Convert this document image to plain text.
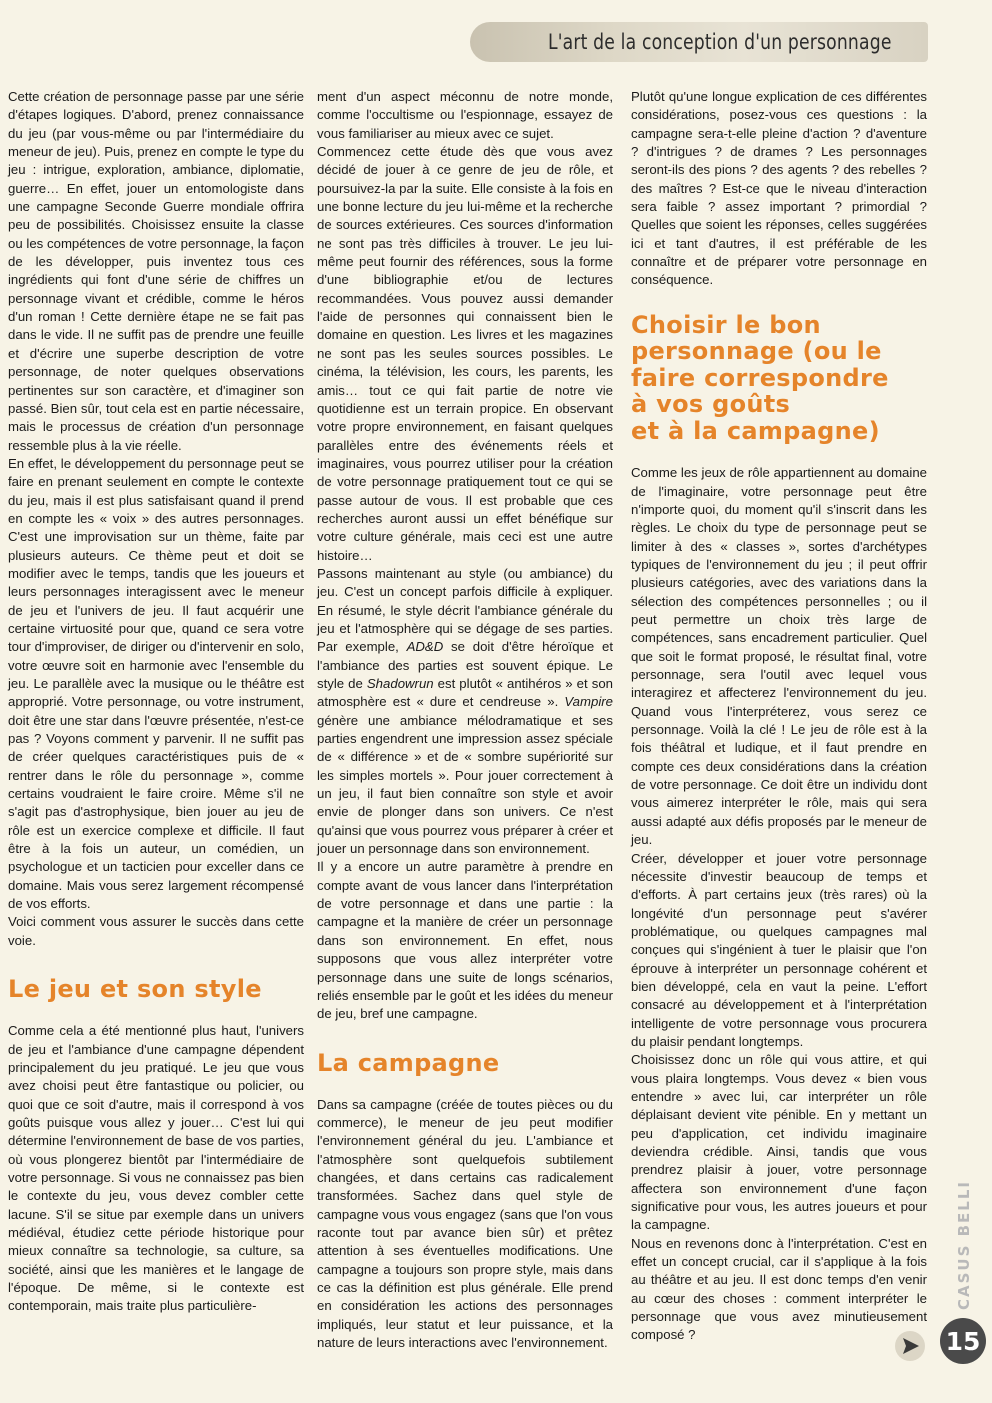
L'art de la conception d'un personnage

Cette création de personnage passe par une série d'étapes logiques. D'abord, prenez connaissance du jeu (par vous-même ou par l'intermédiaire du meneur de jeu). Puis, prenez en compte le type du jeu : intrigue, exploration, ambiance, diplomatie, guerre… En effet, jouer un entomologiste dans une campagne Seconde Guerre mondiale offrira peu de possibilités. Choisissez ensuite la classe ou les compétences de votre personnage, la façon de les développer, puis inventez tous ces ingrédients qui font d'une série de chiffres un personnage vivant et crédible, comme le héros d'un roman ! Cette dernière étape ne se fait pas dans le vide. Il ne suffit pas de prendre une feuille et d'écrire une superbe description de votre personnage, de noter quelques observations pertinentes sur son caractère, et d'imaginer son passé. Bien sûr, tout cela est en partie nécessaire, mais le processus de création d'un personnage ressemble plus à la vie réelle.

En effet, le développement du personnage peut se faire en prenant seulement en compte le contexte du jeu, mais il est plus satisfaisant quand il prend en compte les « voix » des autres personnages. C'est une improvisation sur un thème, faite par plusieurs auteurs. Ce thème peut et doit se modifier avec le temps, tandis que les joueurs et leurs personnages interagissent avec le meneur de jeu et l'univers de jeu. Il faut acquérir une certaine virtuosité pour que, quand ce sera votre tour d'improviser, de diriger ou d'intervenir en solo, votre œuvre soit en harmonie avec l'ensemble du jeu. Le parallèle avec la musique ou le théâtre est approprié. Votre personnage, ou votre instrument, doit être une star dans l'œuvre présentée, n'est-ce pas ? Voyons comment y parvenir. Il ne suffit pas de créer quelques caractéristiques puis de « rentrer dans le rôle du personnage », comme certains voudraient le faire croire. Même s'il ne s'agit pas d'astrophysique, bien jouer au jeu de rôle est un exercice complexe et difficile. Il faut être à la fois un auteur, un comédien, un psychologue et un tacticien pour exceller dans ce domaine. Mais vous serez largement récompensé de vos efforts.

Voici comment vous assurer le succès dans cette voie.

Le jeu et son style

Comme cela a été mentionné plus haut, l'univers de jeu et l'ambiance d'une campagne dépendent principalement du jeu pratiqué. Le jeu que vous avez choisi peut être fantastique ou policier, ou quoi que ce soit d'autre, mais il correspond à vos goûts puisque vous allez y jouer… C'est lui qui détermine l'environnement de base de vos parties, où vous plongerez bientôt par l'intermédiaire de votre personnage. Si vous ne connaissez pas bien le contexte du jeu, vous devez combler cette lacune. S'il se situe par exemple dans un univers médiéval, étudiez cette période historique pour mieux connaître sa technologie, sa culture, sa société, ainsi que les manières et le langage de l'époque. De même, si le contexte est contemporain, mais traite plus particulière-

ment d'un aspect méconnu de notre monde, comme l'occultisme ou l'espionnage, essayez de vous familiariser au mieux avec ce sujet.

Commencez cette étude dès que vous avez décidé de jouer à ce genre de jeu de rôle, et poursuivez-la par la suite. Elle consiste à la fois en une bonne lecture du jeu lui-même et la recherche de sources extérieures. Ces sources d'information ne sont pas très difficiles à trouver. Le jeu lui-même peut fournir des références, sous la forme d'une bibliographie et/ou de lectures recommandées. Vous pouvez aussi demander l'aide de personnes qui connaissent bien le domaine en question. Les livres et les magazines ne sont pas les seules sources possibles. Le cinéma, la télévision, les cours, les parents, les amis… tout ce qui fait partie de notre vie quotidienne est un terrain propice. En observant votre propre environnement, en faisant quelques parallèles entre des événements réels et imaginaires, vous pourrez utiliser pour la création de votre personnage pratiquement tout ce qui se passe autour de vous. Il est probable que ces recherches auront aussi un effet bénéfique sur votre culture générale, mais ceci est une autre histoire…

Passons maintenant au style (ou ambiance) du jeu. C'est un concept parfois difficile à expliquer. En résumé, le style décrit l'ambiance générale du jeu et l'atmosphère qui se dégage de ses parties. Par exemple, AD&D se doit d'être héroïque et l'ambiance des parties est souvent épique. Le style de Shadowrun est plutôt « antihéros » et son atmosphère est « dure et cendreuse ». Vampire génère une ambiance mélodramatique et ses parties engendrent une impression assez spéciale de « différence » et de « sombre supériorité sur les simples mortels ». Pour jouer correctement à un jeu, il faut bien connaître son style et avoir envie de plonger dans son univers. Ce n'est qu'ainsi que vous pourrez vous préparer à créer et jouer un personnage dans son environnement.

Il y a encore un autre paramètre à prendre en compte avant de vous lancer dans l'interprétation de votre personnage et dans une partie : la campagne et la manière de créer un personnage dans son environnement. En effet, nous supposons que vous allez interpréter votre personnage dans une suite de longs scénarios, reliés ensemble par le goût et les idées du meneur de jeu, bref une campagne.

La campagne

Dans sa campagne (créée de toutes pièces ou du commerce), le meneur de jeu peut modifier l'environnement général du jeu. L'ambiance et l'atmosphère sont quelquefois subtilement changées, et dans certains cas radicalement transformées. Sachez dans quel style de campagne vous vous engagez (sans que l'on vous raconte tout par avance bien sûr) et prêtez attention à ses éventuelles modifications. Une campagne a toujours son propre style, mais dans ce cas la définition est plus générale. Elle prend en considération les actions des personnages impliqués, leur statut et leur puissance, et la nature de leurs interactions avec l'environnement.

Plutôt qu'une longue explication de ces différentes considérations, posez-vous ces questions : la campagne sera-t-elle pleine d'action ? d'aventure ? d'intrigues ? de drames ? Les personnages seront-ils des pions ? des agents ? des rebelles ? des maîtres ? Est-ce que le niveau d'interaction sera faible ? assez important ? primordial ? Quelles que soient les réponses, celles suggérées ici et tant d'autres, il est préférable de les connaître et de préparer votre personnage en conséquence.

Choisir le bon
personnage (ou le
faire correspondre
à vos goûts
et à la campagne)

Comme les jeux de rôle appartiennent au domaine de l'imaginaire, votre personnage peut être n'importe quoi, du moment qu'il s'inscrit dans les règles. Le choix du type de personnage peut se limiter à des « classes », sortes d'archétypes typiques de l'environnement du jeu ; il peut offrir plusieurs catégories, avec des variations dans la sélection des compétences personnelles ; ou il peut permettre un choix très large de compétences, sans encadrement particulier. Quel que soit le format proposé, le résultat final, votre personnage, sera l'outil avec lequel vous interagirez et affecterez l'environnement du jeu. Quand vous l'interpréterez, vous serez ce personnage. Voilà la clé ! Le jeu de rôle est à la fois théâtral et ludique, et il faut prendre en compte ces deux considérations dans la création de votre personnage. Ce doit être un individu dont vous aimerez interpréter le rôle, mais qui sera aussi adapté aux défis proposés par le meneur de jeu.

Créer, développer et jouer votre personnage nécessite d'investir beaucoup de temps et d'efforts. À part certains jeux (très rares) où la longévité d'un personnage peut s'avérer problématique, ou quelques campagnes mal conçues qui s'ingénient à tuer le plaisir que l'on éprouve à interpréter un personnage cohérent et bien développé, cela en vaut la peine. L'effort consacré au développement et à l'interprétation intelligente de votre personnage vous procurera du plaisir pendant longtemps.

Choisissez donc un rôle qui vous attire, et qui vous plaira longtemps. Vous devez « bien vous entendre » avec lui, car interpréter un rôle déplaisant devient vite pénible. En y mettant un peu d'application, cet individu imaginaire deviendra crédible. Ainsi, tandis que vous prendrez plaisir à jouer, votre personnage affectera son environnement d'une façon significative pour vous, les autres joueurs et pour la campagne.

Nous en revenons donc à l'interprétation. C'est en effet un concept crucial, car il s'applique à la fois au théâtre et au jeu. Il est donc temps d'en venir au cœur des choses : comment interpréter le personnage que vous avez minutieusement composé ?

CASUS BELLI
15
